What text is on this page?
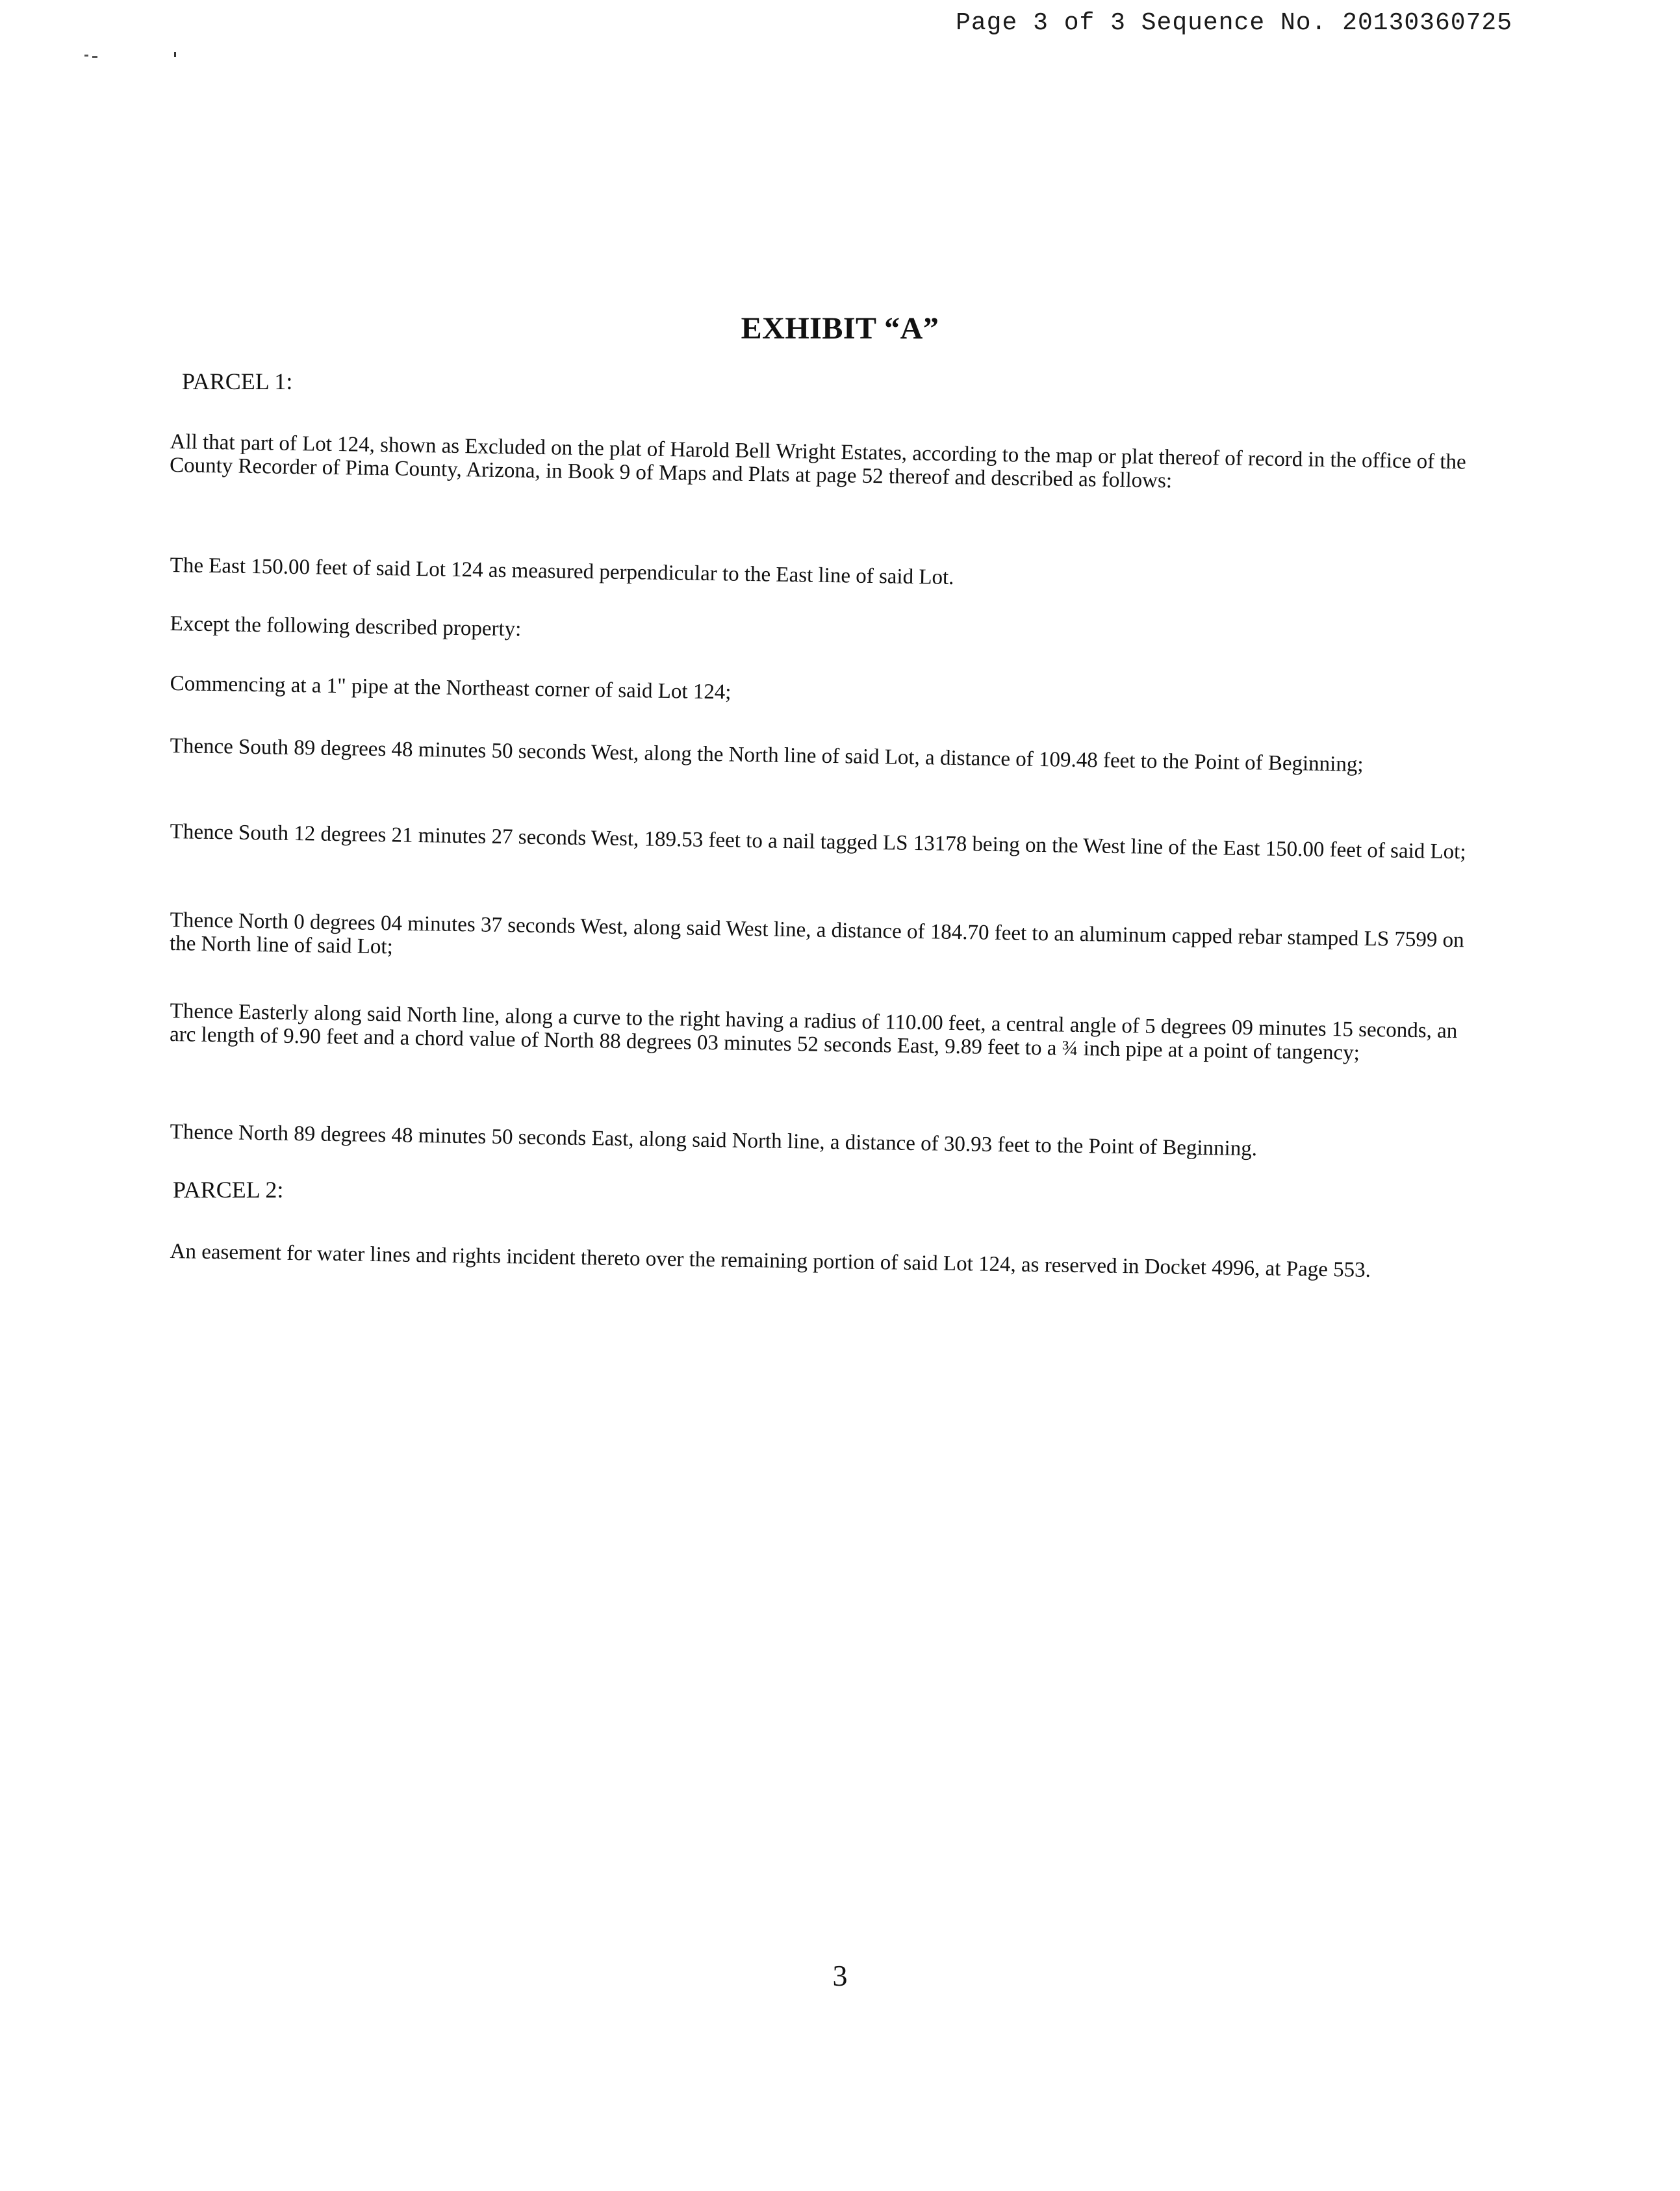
Page 3 of 3 Sequence No. 20130360725
EXHIBIT “A”
PARCEL 1:

All that part of Lot 124, shown as Excluded on the plat of Harold Bell Wright Estates, according to the map or plat thereof of record in the office of the County Recorder of Pima County, Arizona, in Book 9 of Maps and Plats at page 52 thereof and described as follows:

The East 150.00 feet of said Lot 124 as measured perpendicular to the East line of said Lot.

Except the following described property:

Commencing at a 1" pipe at the Northeast corner of said Lot 124;

Thence South 89 degrees 48 minutes 50 seconds West, along the North line of said Lot, a distance of 109.48 feet to the Point of Beginning;

Thence South 12 degrees 21 minutes 27 seconds West, 189.53 feet to a nail tagged LS 13178 being on the West line of the East 150.00 feet of said Lot;

Thence North 0 degrees 04 minutes 37 seconds West, along said West line, a distance of 184.70 feet to an aluminum capped rebar stamped LS 7599 on the North line of said Lot;

Thence Easterly along said North line, along a curve to the right having a radius of 110.00 feet, a central angle of 5 degrees 09 minutes 15 seconds, an arc length of 9.90 feet and a chord value of North 88 degrees 03 minutes 52 seconds East, 9.89 feet to a ¾ inch pipe at a point of tangency;

Thence North 89 degrees 48 minutes 50 seconds East, along said North line, a distance of 30.93 feet to the Point of Beginning.

PARCEL 2:

An easement for water lines and rights incident thereto over the remaining portion of said Lot 124, as reserved in Docket 4996, at Page 553.

3
